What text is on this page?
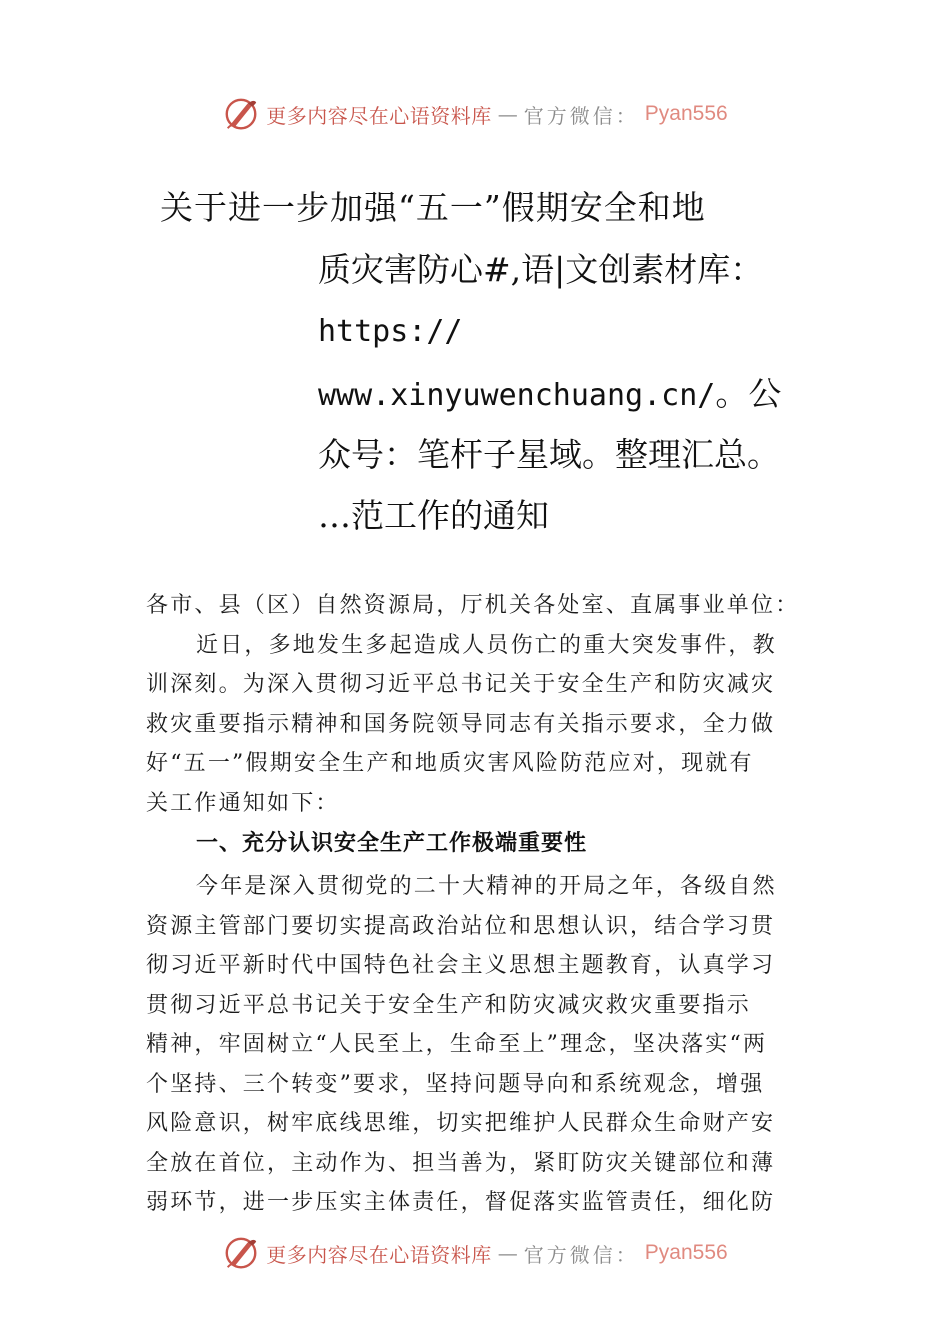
更多内容尽在心语资料库 — 官方微信： Pyan556
关于进一步加强“五一”假期安全和地
质灾害防心#,语|文创素材库：
https://
www.xinyuwenchuang.cn/。公
众号：笔杆子星域。整理汇总。
…范工作的通知
各市、县（区）自然资源局，厅机关各处室、直属事业单位：
近日，多地发生多起造成人员伤亡的重大突发事件，教
训深刻。为深入贯彻习近平总书记关于安全生产和防灾减灾
救灾重要指示精神和国务院领导同志有关指示要求，全力做
好“五一”假期安全生产和地质灾害风险防范应对，现就有
关工作通知如下：
一、充分认识安全生产工作极端重要性
今年是深入贯彻党的二十大精神的开局之年，各级自然
资源主管部门要切实提高政治站位和思想认识，结合学习贯
彻习近平新时代中国特色社会主义思想主题教育，认真学习
贯彻习近平总书记关于安全生产和防灾减灾救灾重要指示
精神，牢固树立“人民至上，生命至上”理念，坚决落实“两
个坚持、三个转变”要求，坚持问题导向和系统观念，增强
风险意识，树牢底线思维，切实把维护人民群众生命财产安
全放在首位，主动作为、担当善为，紧盯防灾关键部位和薄
弱环节，进一步压实主体责任，督促落实监管责任，细化防
更多内容尽在心语资料库 — 官方微信： Pyan556
